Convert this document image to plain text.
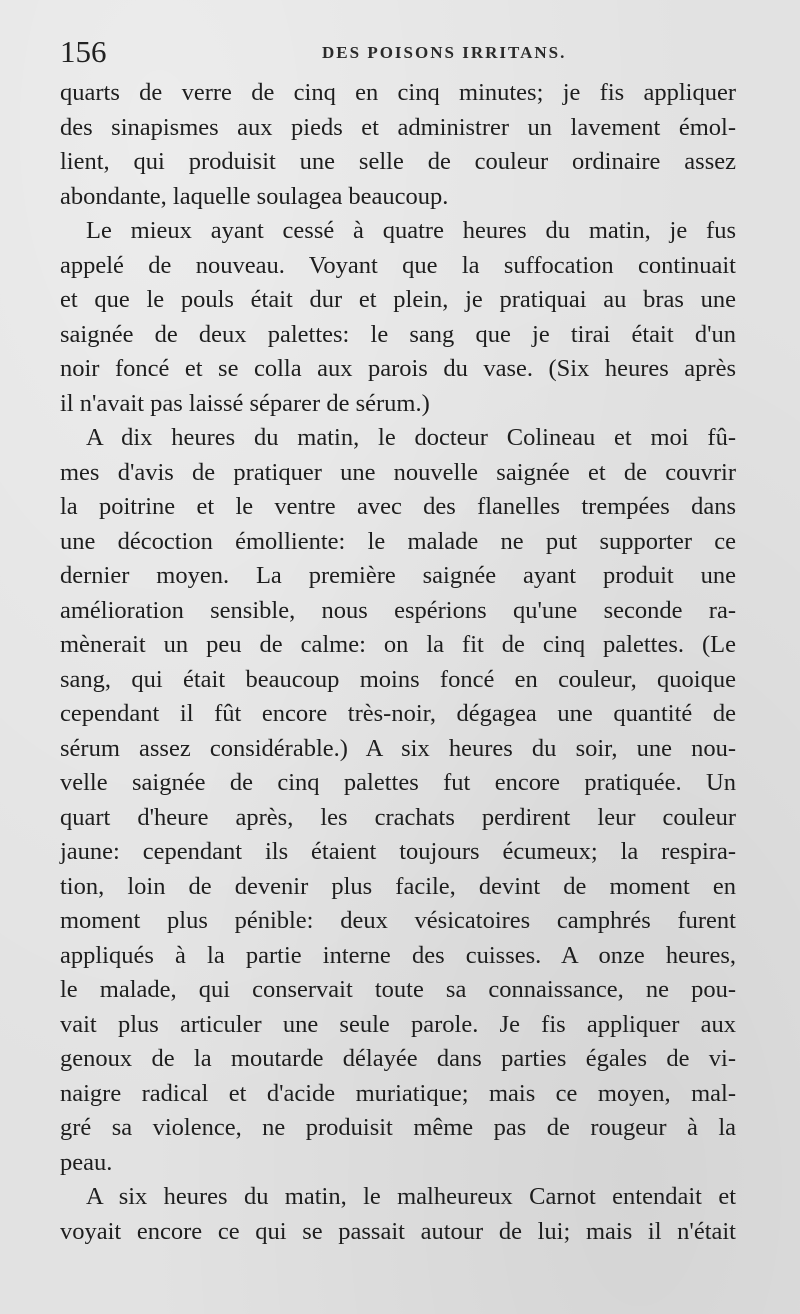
156	DES POISONS IRRITANS.
quarts de verre de cinq en cinq minutes; je fis appliquer
des sinapismes aux pieds et administrer un lavement émol-
lient, qui produisit une selle de couleur ordinaire assez
abondante, laquelle soulagea beaucoup.
Le mieux ayant cessé à quatre heures du matin, je fus
appelé de nouveau. Voyant que la suffocation continuait
et que le pouls était dur et plein, je pratiquai au bras une
saignée de deux palettes: le sang que je tirai était d'un
noir foncé et se colla aux parois du vase. (Six heures après
il n'avait pas laissé séparer de sérum.)
A dix heures du matin, le docteur Colineau et moi fû-
mes d'avis de pratiquer une nouvelle saignée et de couvrir
la poitrine et le ventre avec des flanelles trempées dans
une décoction émolliente: le malade ne put supporter ce
dernier moyen. La première saignée ayant produit une
amélioration sensible, nous espérions qu'une seconde ra-
mènerait un peu de calme: on la fit de cinq palettes. (Le
sang, qui était beaucoup moins foncé en couleur, quoique
cependant il fût encore très-noir, dégagea une quantité de
sérum assez considérable.) A six heures du soir, une nou-
velle saignée de cinq palettes fut encore pratiquée. Un
quart d'heure après, les crachats perdirent leur couleur
jaune: cependant ils étaient toujours écumeux; la respira-
tion, loin de devenir plus facile, devint de moment en
moment plus pénible: deux vésicatoires camphrés furent
appliqués à la partie interne des cuisses. A onze heures,
le malade, qui conservait toute sa connaissance, ne pou-
vait plus articuler une seule parole. Je fis appliquer aux
genoux de la moutarde délayée dans parties égales de vi-
naigre radical et d'acide muriatique; mais ce moyen, mal-
gré sa violence, ne produisit même pas de rougeur à la
peau.
A six heures du matin, le malheureux Carnot entendait et
voyait encore ce qui se passait autour de lui; mais il n'était
